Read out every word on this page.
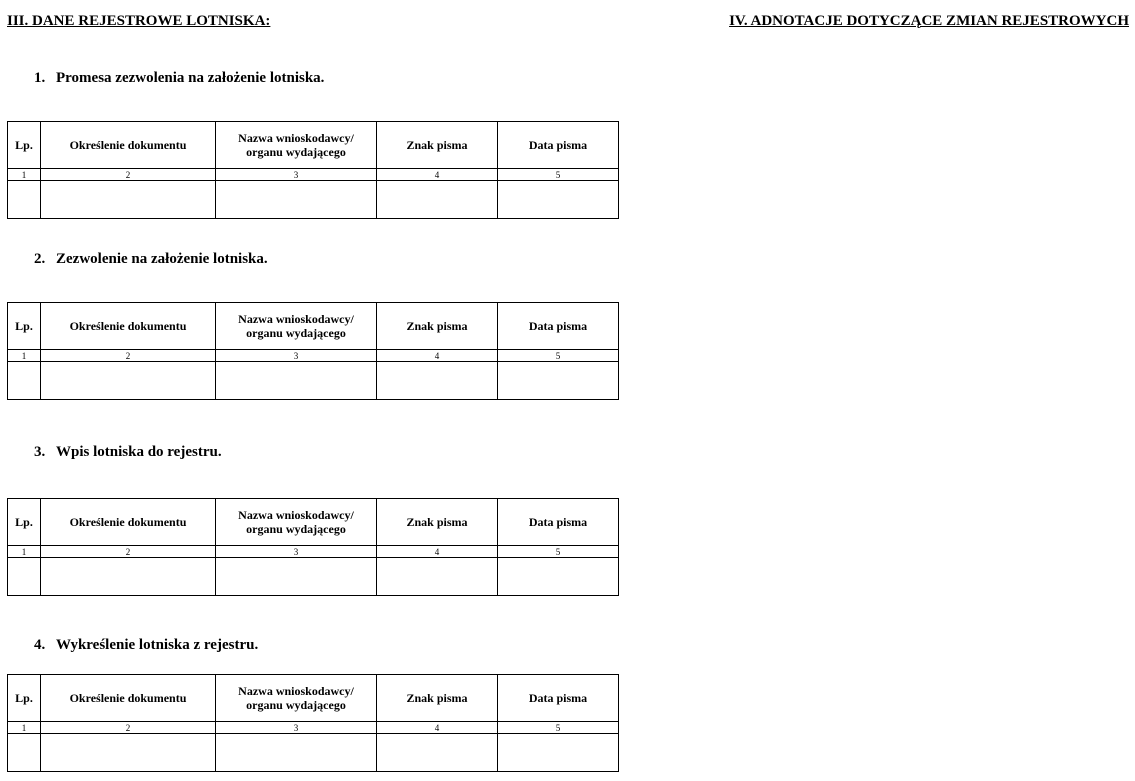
III. DANE REJESTROWE LOTNISKA:	IV. ADNOTACJE DOTYCZĄCE ZMIAN REJESTROWYCH

1. Promesa zezwolenia na założenie lotniska.

Lp.	Określenie dokumentu	Nazwa wnioskodawcy/
organu wydającego	Znak pisma	Data pisma
1	2	3	4	5

2. Zezwolenie na założenie lotniska.

Lp.	Określenie dokumentu	Nazwa wnioskodawcy/
organu wydającego	Znak pisma	Data pisma
1	2	3	4	5

3. Wpis lotniska do rejestru.

Lp.	Określenie dokumentu	Nazwa wnioskodawcy/
organu wydającego	Znak pisma	Data pisma
1	2	3	4	5

4. Wykreślenie lotniska z rejestru.

Lp.	Określenie dokumentu	Nazwa wnioskodawcy/
organu wydającego	Znak pisma	Data pisma
1	2	3	4	5
